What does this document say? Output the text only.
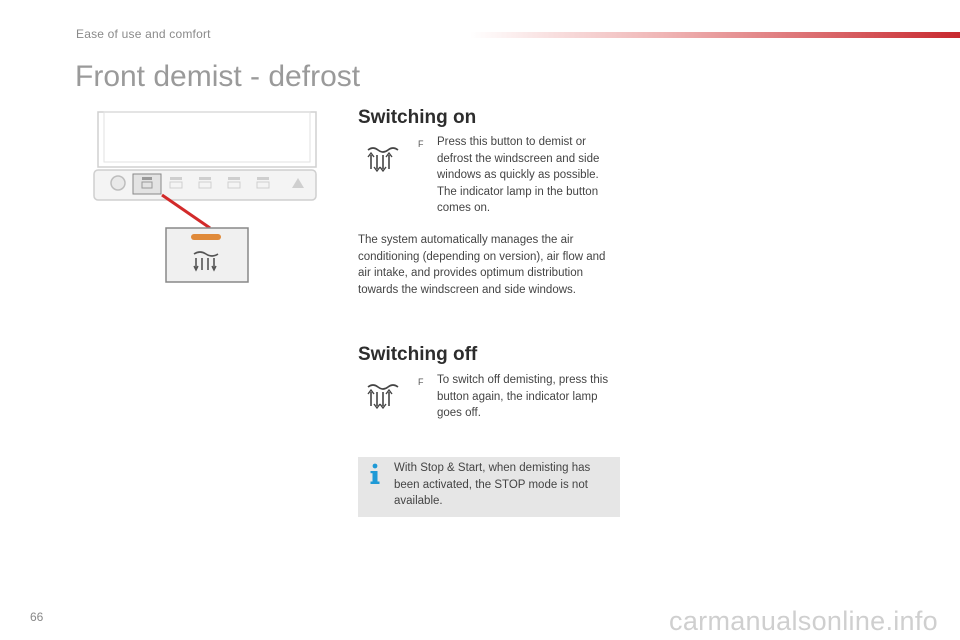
Ease of use and comfort
Front demist - defrost
Switching on
F Press this button to demist or defrost the windscreen and side windows as quickly as possible. The indicator lamp in the button comes on.
The system automatically manages the air conditioning (depending on version), air flow and air intake, and provides optimum distribution towards the windscreen and side windows.
Switching off
F To switch off demisting, press this button again, the indicator lamp goes off.
With Stop & Start, when demisting has been activated, the STOP mode is not available.
66	carmanualsonline.info
